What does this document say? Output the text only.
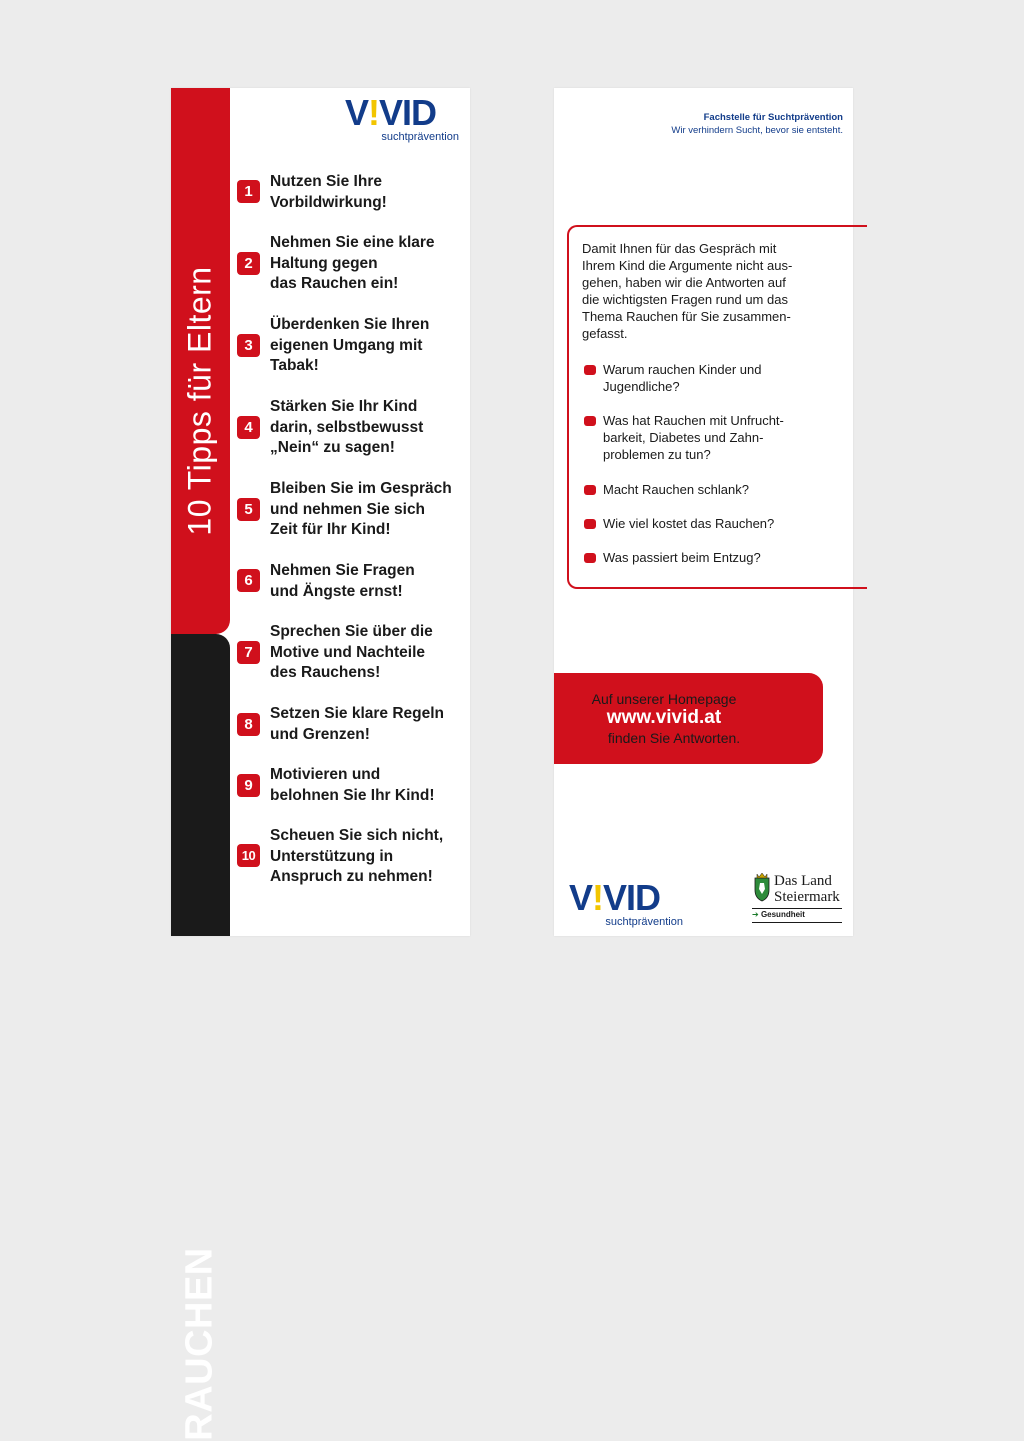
10 Tipps für Eltern
RAUCHEN
V!VID
suchtprävention
1
Nutzen Sie Ihre
Vorbildwirkung!
2
Nehmen Sie eine klare
Haltung gegen
das Rauchen ein!
3
Überdenken Sie Ihren
eigenen Umgang mit
Tabak!
4
Stärken Sie Ihr Kind
darin, selbstbewusst
„Nein“ zu sagen!
5
Bleiben Sie im Gespräch
und nehmen Sie sich
Zeit für Ihr Kind!
6
Nehmen Sie Fragen
und Ängste ernst!
7
Sprechen Sie über die
Motive und Nachteile
des Rauchens!
8
Setzen Sie klare Regeln
und Grenzen!
9
Motivieren und
belohnen Sie Ihr Kind!
10
Scheuen Sie sich nicht,
Unterstützung in
Anspruch zu nehmen!
Fachstelle für Suchtprävention
Wir verhindern Sucht, bevor sie entsteht.
Damit Ihnen für das Gespräch mit
Ihrem Kind die Argumente nicht aus-
gehen, haben wir die Antworten auf
die wichtigsten Fragen rund um das
Thema Rauchen für Sie zusammen-
gefasst.
Warum rauchen Kinder und
Jugendliche?
Was hat Rauchen mit Unfrucht-
barkeit, Diabetes und Zahn-
problemen zu tun?
Macht Rauchen schlank?
Wie viel kostet das Rauchen?
Was passiert beim Entzug?
Auf unserer Homepage
www.vivid.at
finden Sie Antworten.
V!VID
suchtprävention
Das Land
Steiermark
➔ Gesundheit
